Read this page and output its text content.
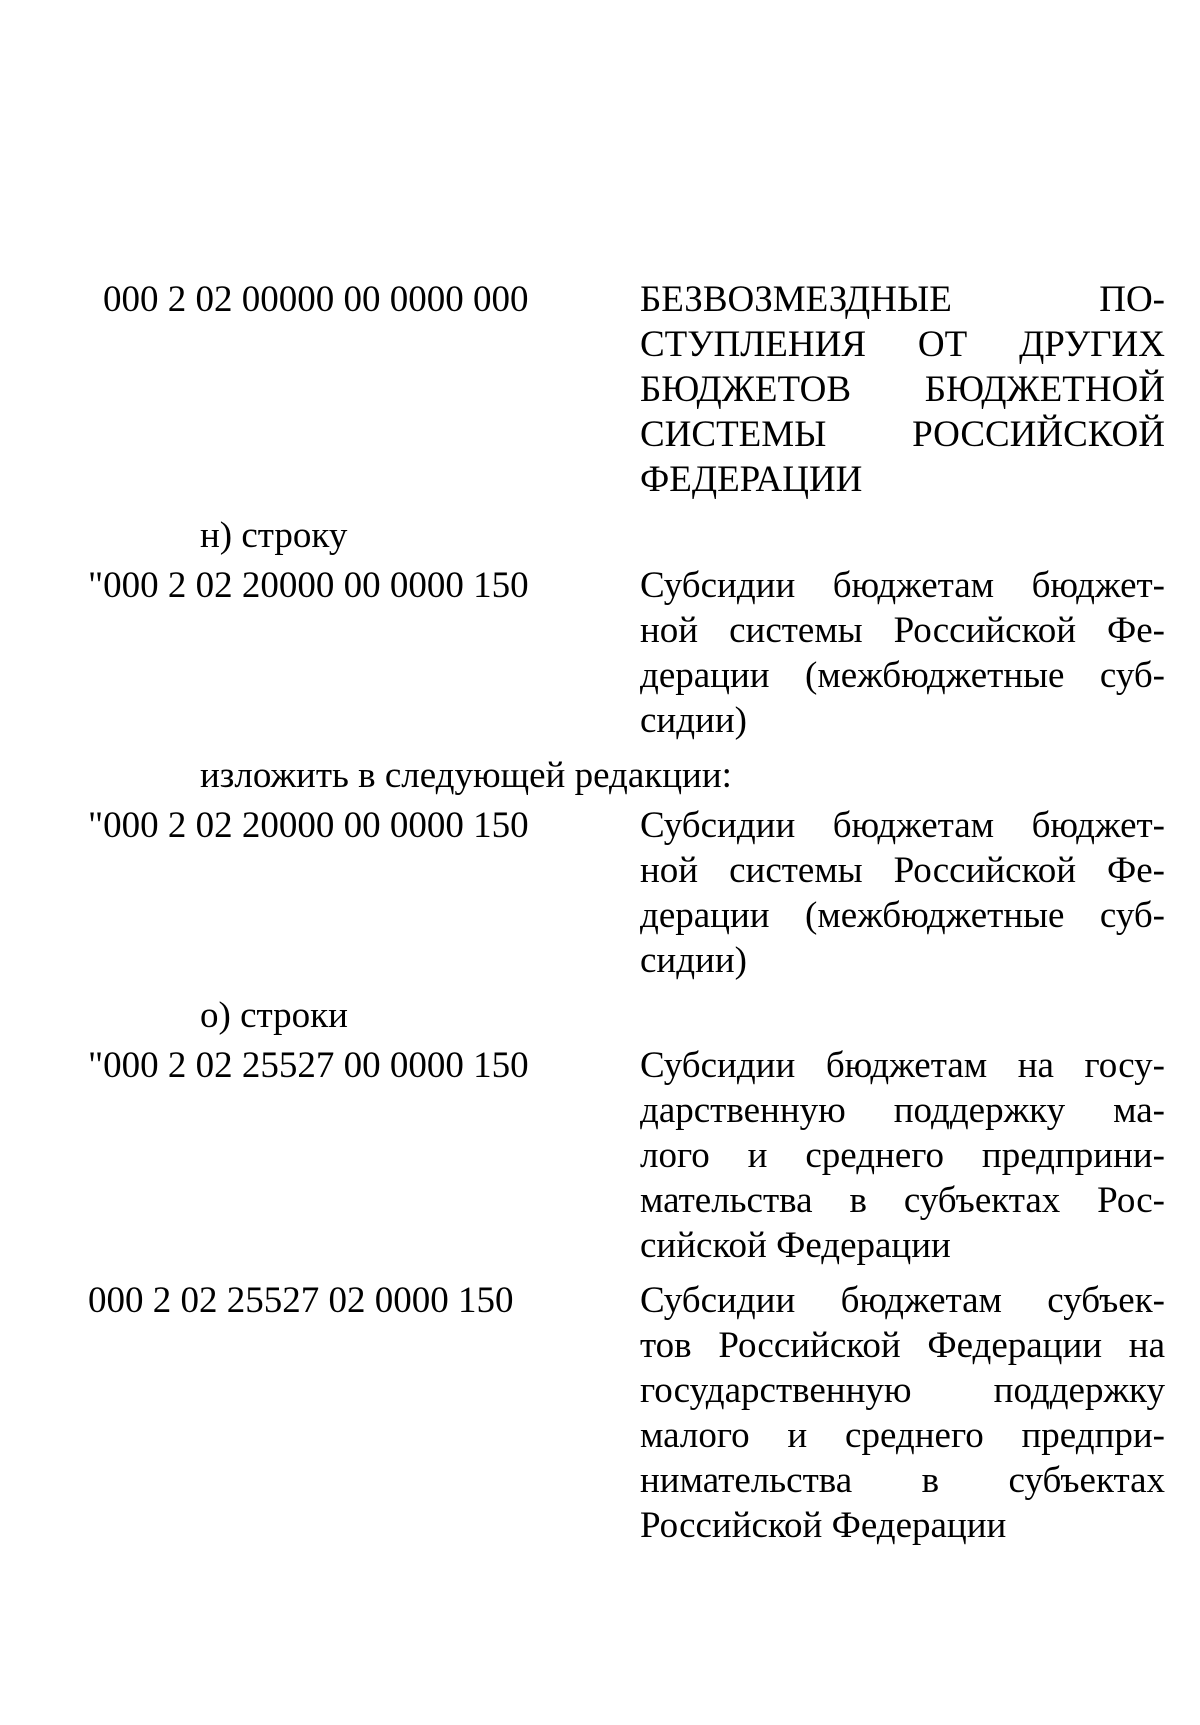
000 2 02 00000 00 0000 000	БЕЗВОЗМЕЗДНЫЕ ПО-
СТУПЛЕНИЯ ОТ ДРУГИХ
БЮДЖЕТОВ БЮДЖЕТНОЙ
СИСТЕМЫ РОССИЙСКОЙ
ФЕДЕРАЦИИ
н) строку
"000 2 02 20000 00 0000 150	Субсидии бюджетам бюджет-
ной системы Российской Фе-
дерации (межбюджетные суб-
сидии)
изложить в следующей редакции:
"000 2 02 20000 00 0000 150	Субсидии бюджетам бюджет-
ной системы Российской Фе-
дерации (межбюджетные суб-
сидии)
о) строки
"000 2 02 25527 00 0000 150	Субсидии бюджетам на госу-
дарственную поддержку ма-
лого и среднего предприни-
мательства в субъектах Рос-
сийской Федерации
000 2 02 25527 02 0000 150	Субсидии бюджетам субъек-
тов Российской Федерации на
государственную поддержку
малого и среднего предпри-
нимательства в субъектах
Российской Федерации
